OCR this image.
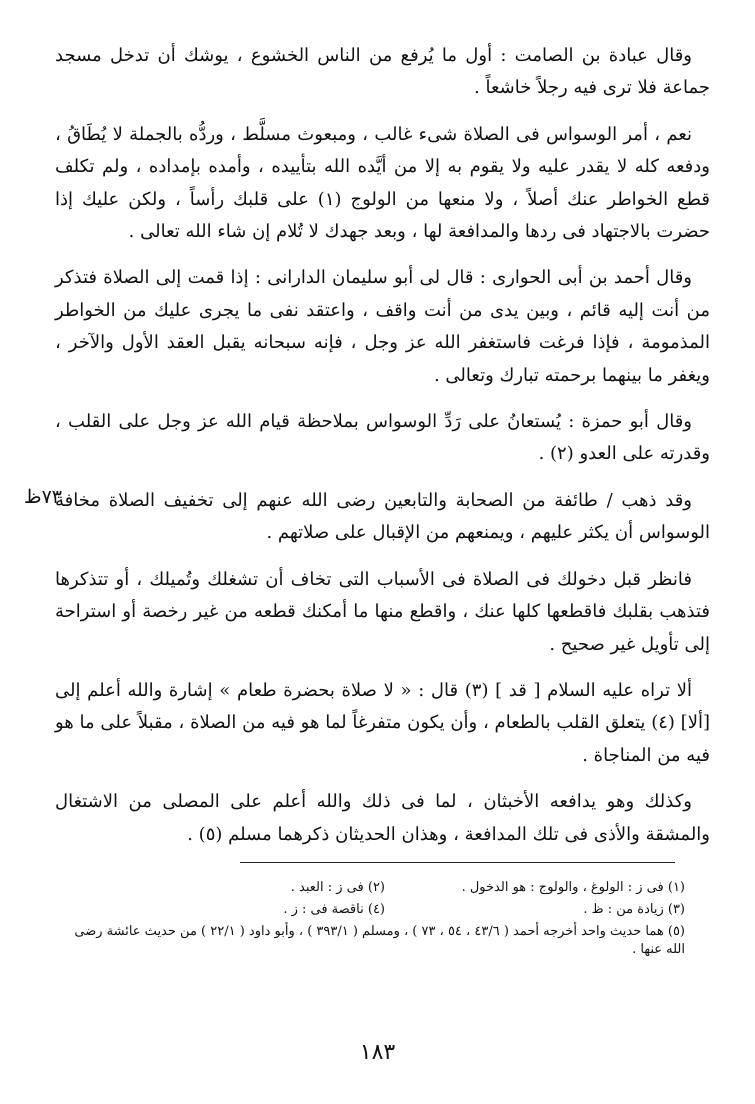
وقال عبادة بن الصامت : أول ما يُرفع من الناس الخشوع ، يوشك أن تدخل مسجد جماعة فلا ترى فيه رجلاً خاشعاً .

نعم ، أمر الوسواس فى الصلاة شىء غالب ، ومبعوث مسلَّط ، وردُّه بالجملة لا يُطَاقُ ، ودفعه كله لا يقدر عليه ولا يقوم به إلا من أيَّده الله بتأييده ، وأمده بإمداده ، ولم تكلف قطع الخواطر عنك أصلاً ، ولا منعها من الولوج (١) على قلبك رأساً ، ولكن عليك إذا حضرت بالاجتهاد فى ردها والمدافعة لها ، وبعد جهدك لا تُلام إن شاء الله تعالى .

وقال أحمد بن أبى الحوارى : قال لى أبو سليمان الدارانى : إذا قمت إلى الصلاة فتذكر من أنت إليه قائم ، وبين يدى من أنت واقف ، واعتقد نفى ما يجرى عليك من الخواطر المذمومة ، فإذا فرغت فاستغفر الله عز وجل ، فإنه سبحانه يقبل العقد الأول والآخر ، ويغفر ما بينهما برحمته تبارك وتعالى .

وقال أبو حمزة : يُستعانُ على رَدِّ الوسواس بملاحظة قيام الله عز وجل على القلب ، وقدرته على العدو (٢) .

وقد ذهب / طائفة من الصحابة والتابعين رضى الله عنهم إلى تخفيف الصلاة مخافة الوسواس أن يكثر عليهم ، ويمنعهم من الإقبال على صلاتهم .

فانظر قبل دخولك فى الصلاة فى الأسباب التى تخاف أن تشغلك وتُميلك ، أو تتذكرها فتذهب بقلبك فاقطعها كلها عنك ، واقطع منها ما أمكنك قطعه من غير رخصة أو استراحة إلى تأويل غير صحيح .

ألا تراه عليه السلام [ قد ] (٣) قال : « لا صلاة بحضرة طعام » إشارة والله أعلم إلى [ألا] (٤) يتعلق القلب بالطعام ، وأن يكون متفرغاً لما هو فيه من الصلاة ، مقبلاً على ما هو فيه من المناجاة .

وكذلك وهو يدافعه الأخبثان ، لما فى ذلك والله أعلم على المصلى من الاشتغال والمشقة والأذى فى تلك المدافعة ، وهذان الحديثان ذكرهما مسلم (٥) .

٧٣ظ
(١) فى ز : الولوغ ، والولوج : هو الدخول .
(٢) فى ز : العبد .
(٣) زيادة من : ظ .
(٤) ناقصة فى : ز .
(٥) هما حديث واحد أخرجه أحمد ( ٤٣/٦ ، ٥٤ ، ٧٣ ) ، ومسلم ( ٣٩٣/١ ) ، وأبو داود ( ٢٢/١ ) من حديث عائشة رضى الله عنها .
١٨٣
